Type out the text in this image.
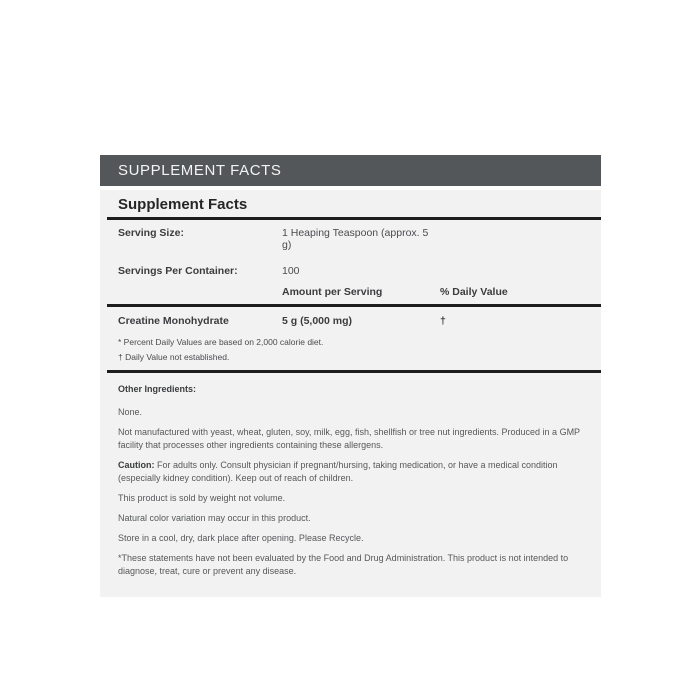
SUPPLEMENT FACTS
Supplement Facts
Serving Size:	1 Heaping Teaspoon (approx. 5 g)
Servings Per Container:	100
Amount per Serving	% Daily Value
Creatine Monohydrate	5 g (5,000 mg)	†
* Percent Daily Values are based on 2,000 calorie diet.
† Daily Value not established.

Other Ingredients:

None.

Not manufactured with yeast, wheat, gluten, soy, milk, egg, fish, shellfish or tree nut ingredients. Produced in a GMP facility that processes other ingredients containing these allergens.

Caution: For adults only. Consult physician if pregnant/hursing, taking medication, or have a medical condition (especially kidney condition). Keep out of reach of children.

This product is sold by weight not volume.

Natural color variation may occur in this product.

Store in a cool, dry, dark place after opening. Please Recycle.

*These statements have not been evaluated by the Food and Drug Administration. This product is not intended to diagnose, treat, cure or prevent any disease.
